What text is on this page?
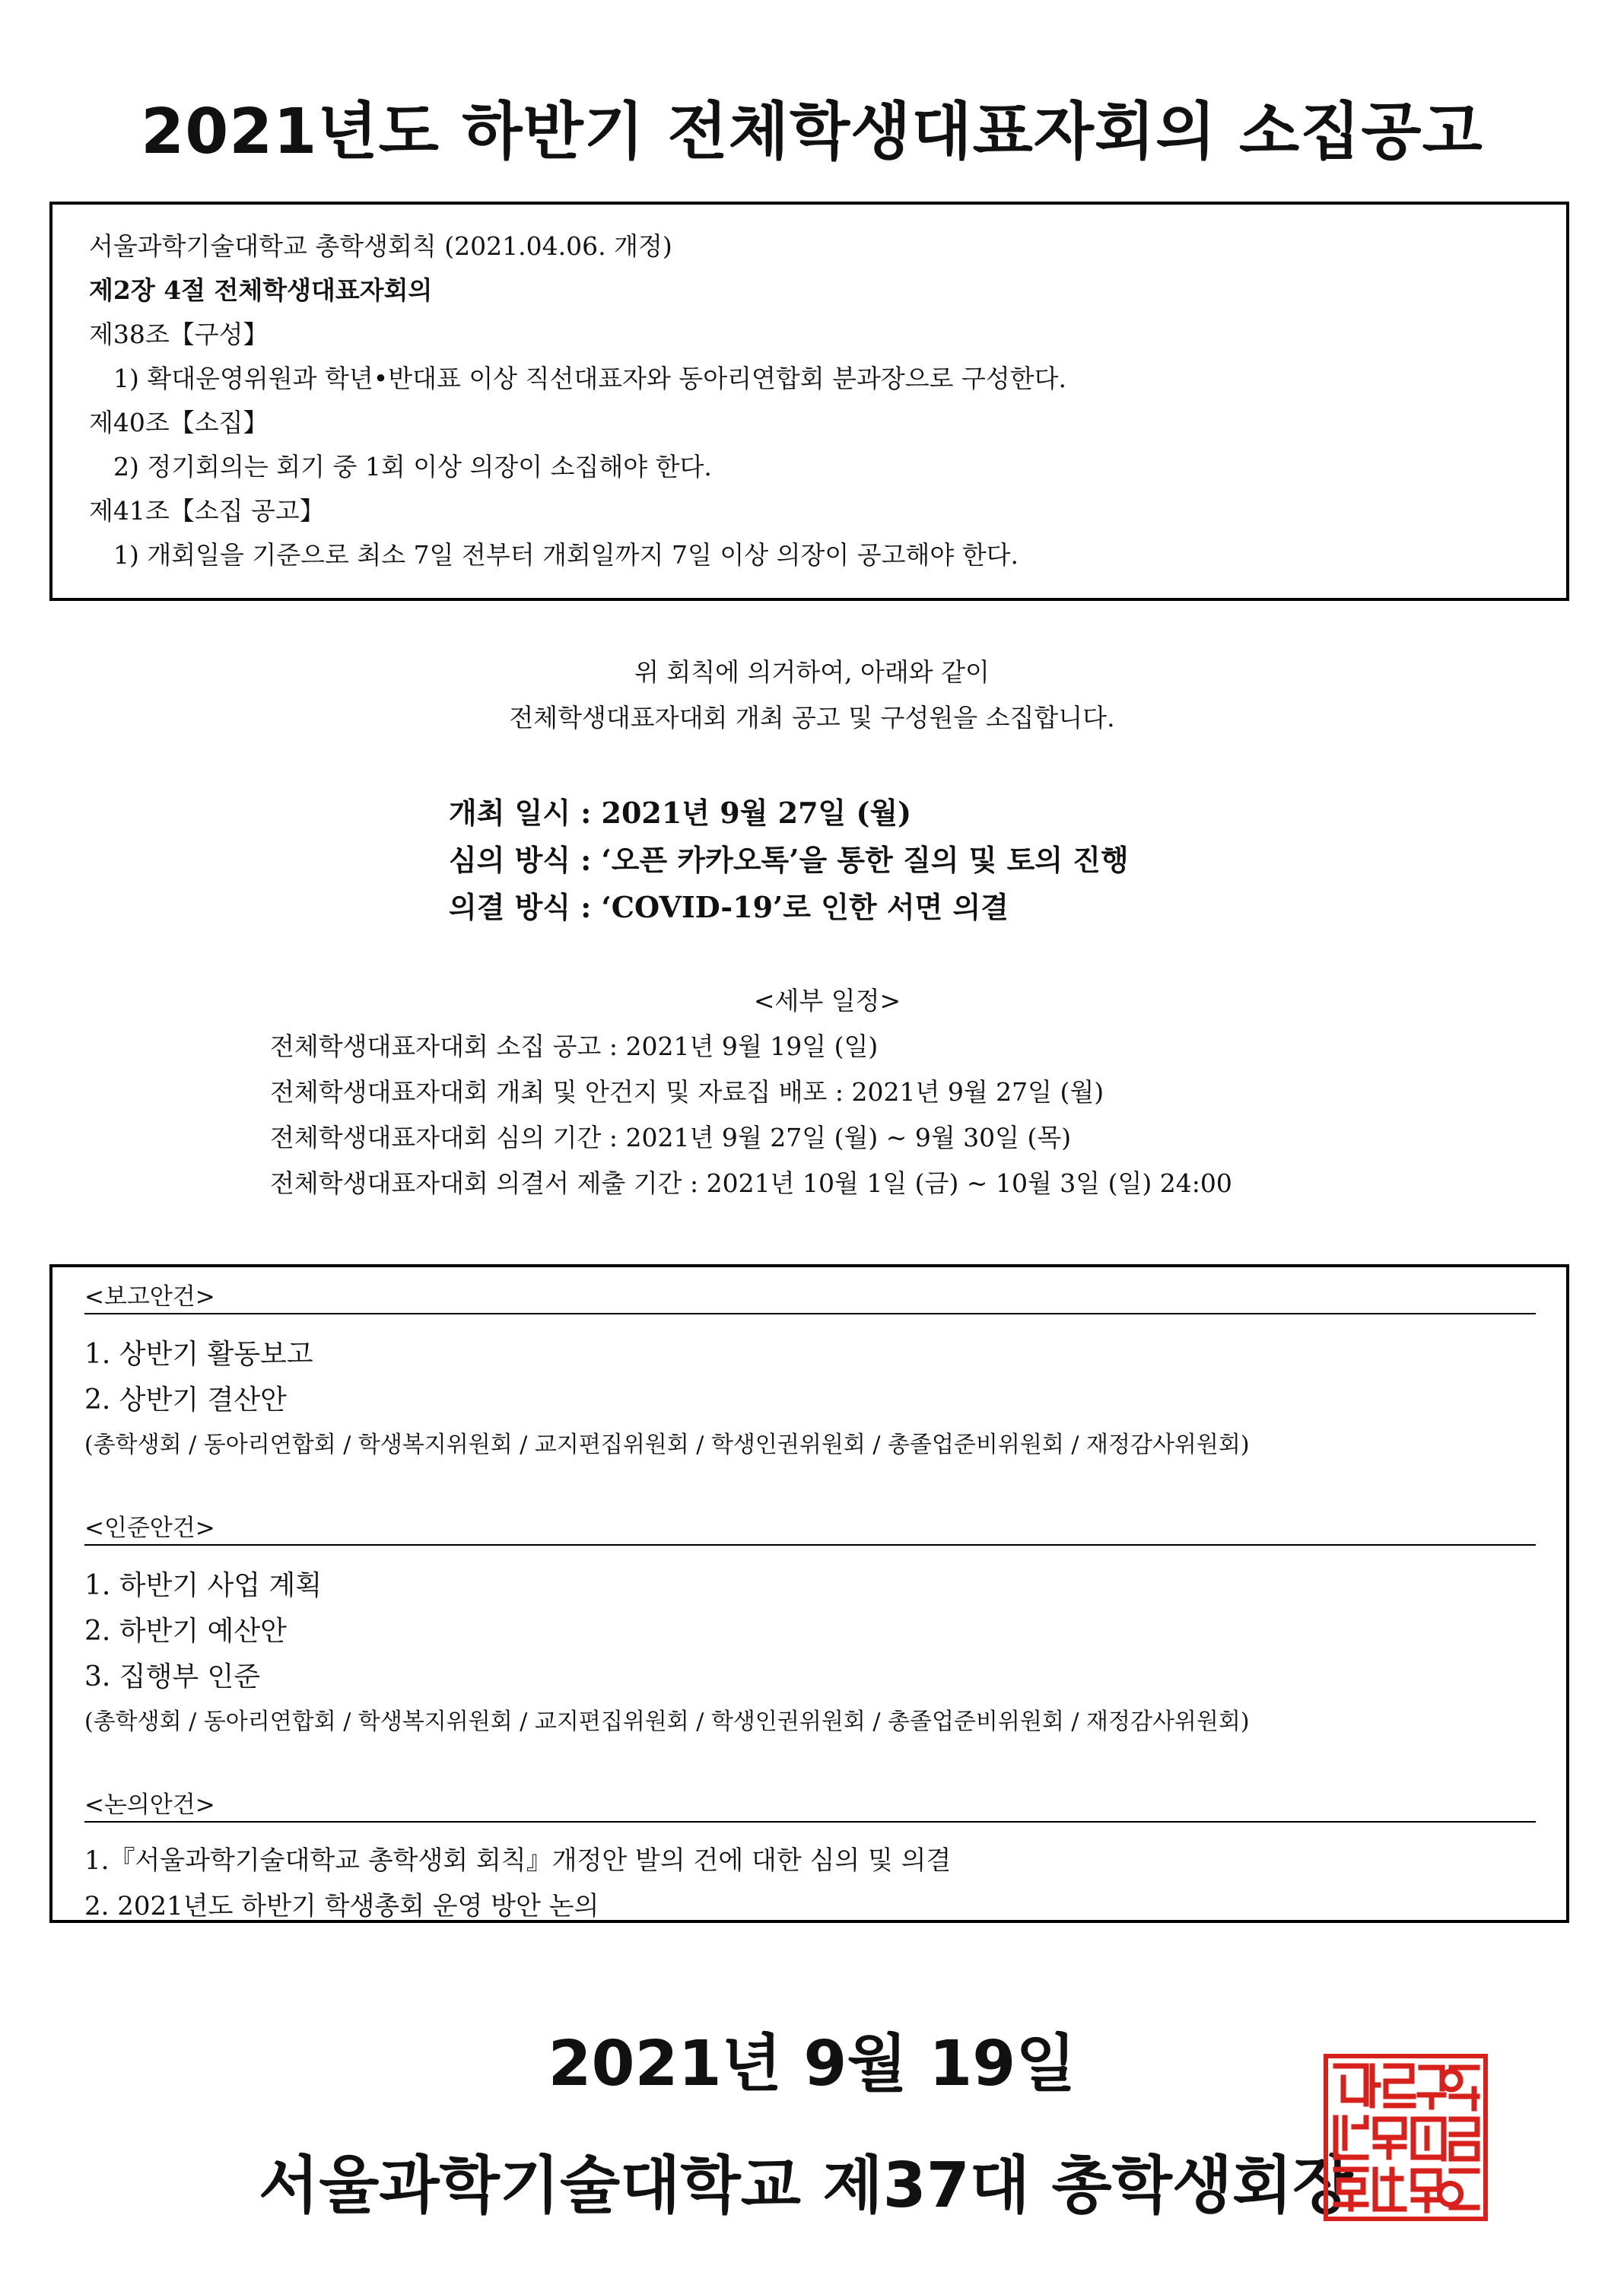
2021년도 하반기 전체학생대표자회의 소집공고
서울과학기술대학교 총학생회칙 (2021.04.06. 개정)
제2장 4절 전체학생대표자회의
제38조【구성】
1) 확대운영위원과 학년•반대표 이상 직선대표자와 동아리연합회 분과장으로 구성한다.
제40조【소집】
2) 정기회의는 회기 중 1회 이상 의장이 소집해야 한다.
제41조【소집 공고】
1) 개회일을 기준으로 최소 7일 전부터 개회일까지 7일 이상 의장이 공고해야 한다.
위 회칙에 의거하여, 아래와 같이
전체학생대표자대회 개최 공고 및 구성원을 소집합니다.
개최 일시 : 2021년 9월 27일 (월)
심의 방식 : ‘오픈 카카오톡’을 통한 질의 및 토의 진행
의결 방식 : ‘COVID-19’로 인한 서면 의결
<세부 일정>
전체학생대표자대회 소집 공고 : 2021년 9월 19일 (일)
전체학생대표자대회 개최 및 안건지 및 자료집 배포 : 2021년 9월 27일 (월)
전체학생대표자대회 심의 기간 : 2021년 9월 27일 (월) ~ 9월 30일 (목)
전체학생대표자대회 의결서 제출 기간 : 2021년 10월 1일 (금) ~ 10월 3일 (일) 24:00
<보고안건>
1. 상반기 활동보고
2. 상반기 결산안
(총학생회 / 동아리연합회 / 학생복지위원회 / 교지편집위원회 / 학생인권위원회 / 총졸업준비위원회 / 재정감사위원회)
<인준안건>
1. 하반기 사업 계획
2. 하반기 예산안
3. 집행부 인준
(총학생회 / 동아리연합회 / 학생복지위원회 / 교지편집위원회 / 학생인권위원회 / 총졸업준비위원회 / 재정감사위원회)
<논의안건>
1.『서울과학기술대학교 총학생회 회칙』개정안 발의 건에 대한 심의 및 의결
2. 2021년도 하반기 학생총회 운영 방안 논의
2021년 9월 19일
서울과학기술대학교 제37대 총학생회장
